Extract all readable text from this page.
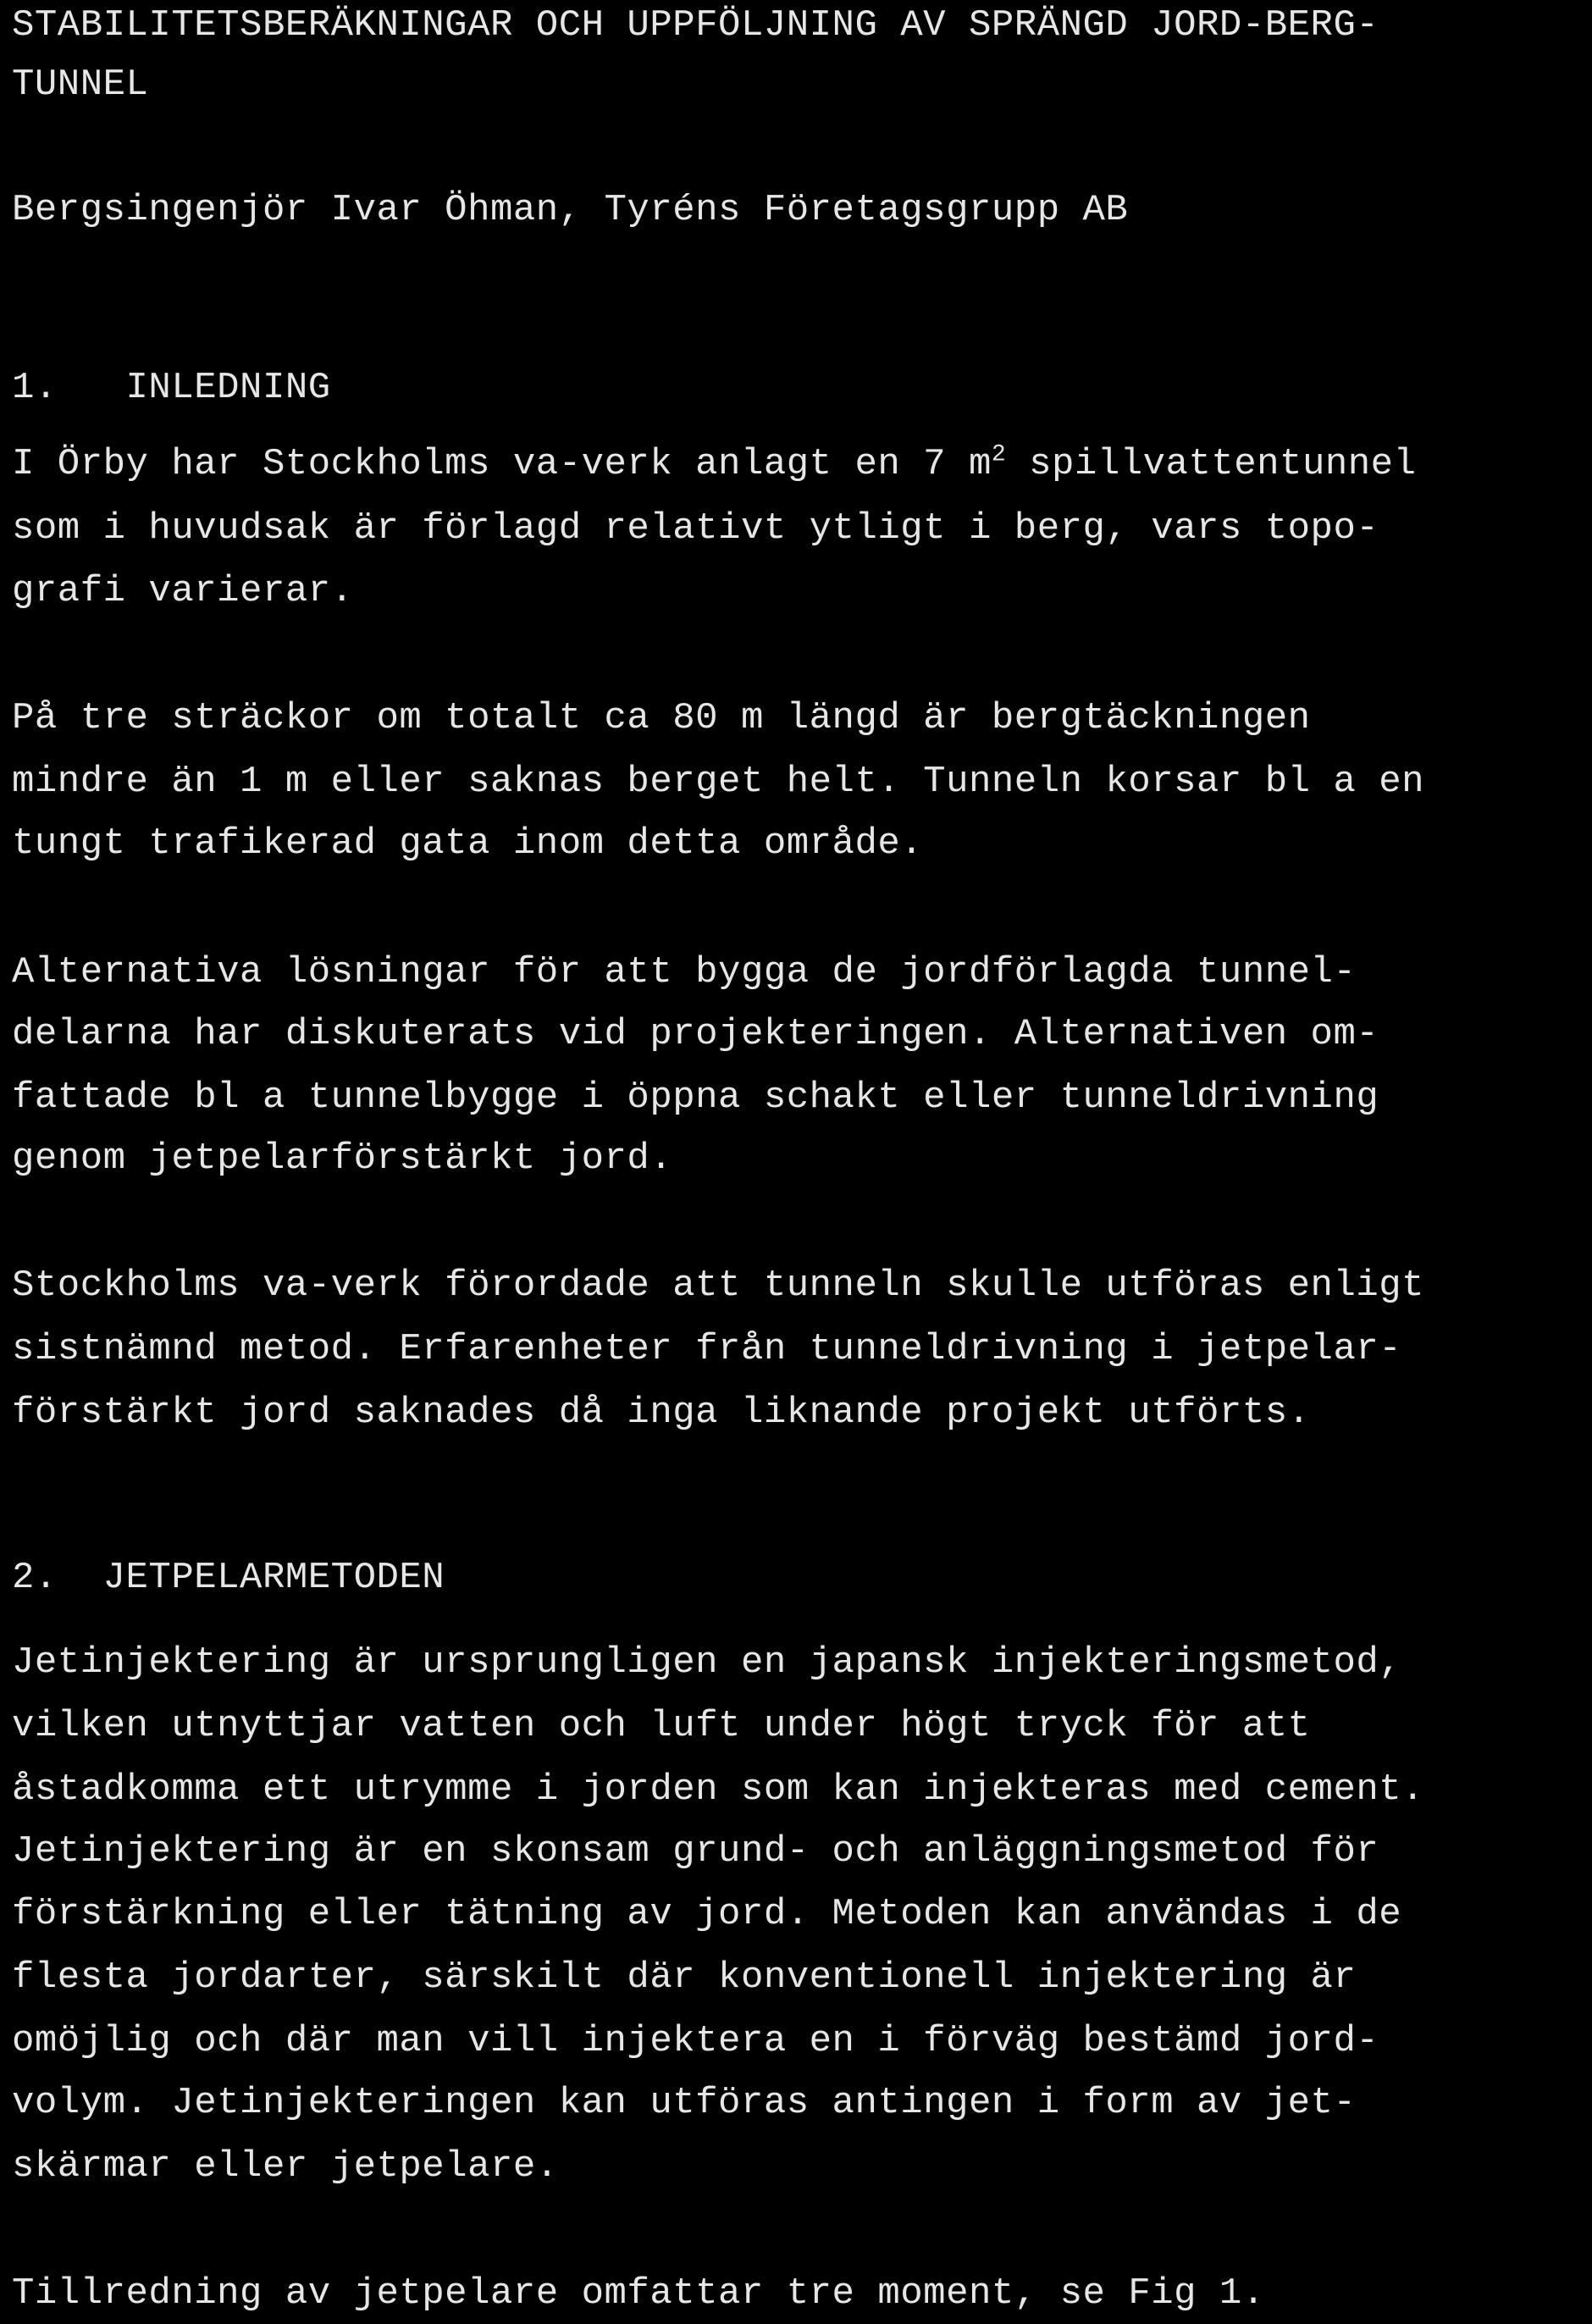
STABILITETSBERÄKNINGAR OCH UPPFÖLJNING AV SPRÄNGD JORD-BERG-
TUNNEL
Bergsingenjör Ivar Öhman, Tyréns Företagsgrupp AB
1.   INLEDNING
I Örby har Stockholms va-verk anlagt en 7 $m^2$ spillvattentunnel
som i huvudsak är förlagd relativt ytligt i berg, vars topo-
grafi varierar.
På tre sträckor om totalt ca 80 m längd är bergtäckningen
mindre än 1 m eller saknas berget helt. Tunneln korsar bl a en
tungt trafikerad gata inom detta område.
Alternativa lösningar för att bygga de jordförlagda tunnel-
delarna har diskuterats vid projekteringen. Alternativen om-
fattade bl a tunnelbygge i öppna schakt eller tunneldrivning
genom jetpelarförstärkt jord.
Stockholms va-verk förordade att tunneln skulle utföras enligt
sistnämnd metod. Erfarenheter från tunneldrivning i jetpelar-
förstärkt jord saknades då inga liknande projekt utförts.
2.  JETPELARMETODEN
Jetinjektering är ursprungligen en japansk injekteringsmetod,
vilken utnyttjar vatten och luft under högt tryck för att
åstadkomma ett utrymme i jorden som kan injekteras med cement.
Jetinjektering är en skonsam grund- och anläggningsmetod för
förstärkning eller tätning av jord. Metoden kan användas i de
flesta jordarter, särskilt där konventionell injektering är
omöjlig och där man vill injektera en i förväg bestämd jord-
volym. Jetinjekteringen kan utföras antingen i form av jet-
skärmar eller jetpelare.
Tillredning av jetpelare omfattar tre moment, se Fig 1.
